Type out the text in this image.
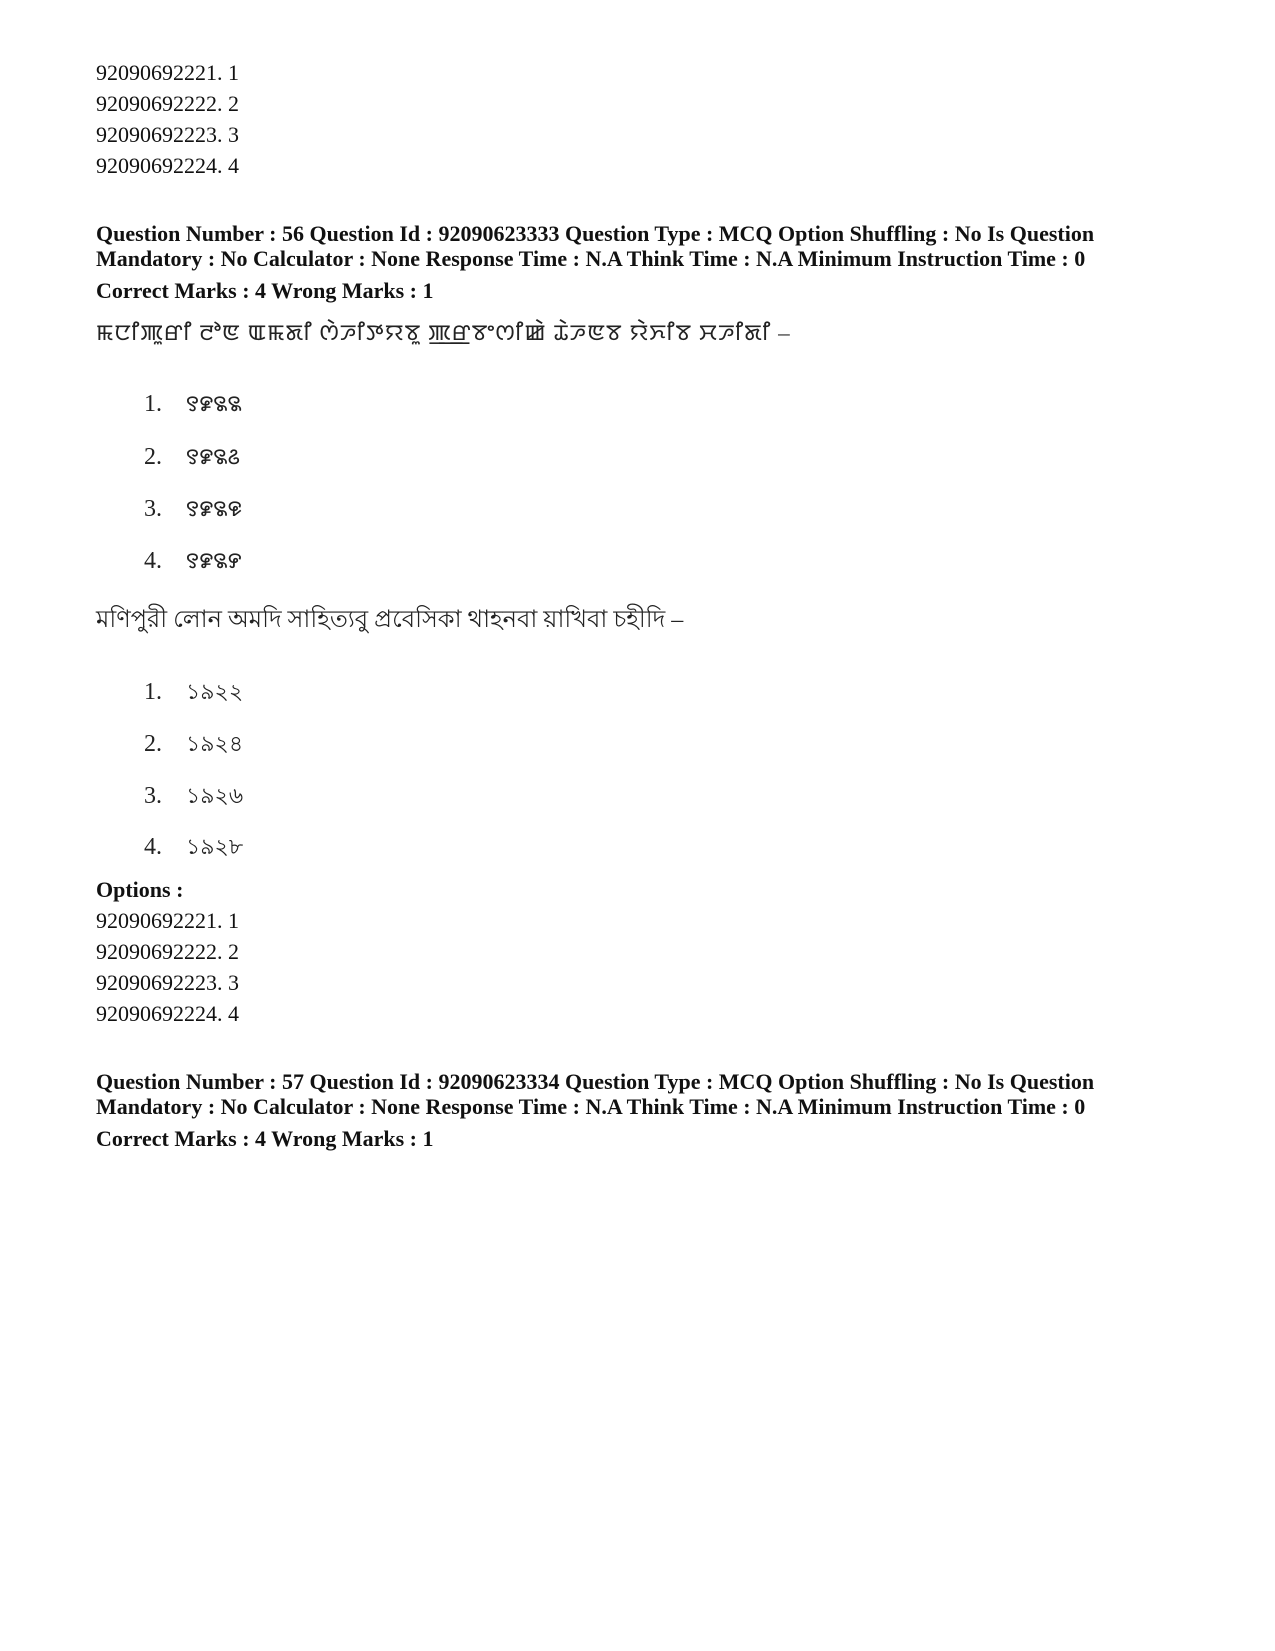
92090692221. 1
92090692222. 2
92090692223. 3
92090692224. 4
Question Number : 56 Question Id : 92090623333 Question Type : MCQ Option Shuffling : No Is Question
Mandatory : No Calculator : None Response Time : N.A Think Time : N.A Minimum Instruction Time : 0
Correct Marks : 4 Wrong Marks : 1
ꯃꯅꯤꯄꯨꯔꯤ ꯂꯣꯟ ꯑꯃꯗꯤ ꯁꯥꯍꯤꯇꯌꯕꯨ ꯄ꯭ꯔꯕꯦꯁꯤꯀꯥ ꯊꯥꯍꯟꯕ ꯌꯥꯈꯤꯕ ꯆꯍꯤꯗꯤ –
1. ꯱꯹꯲꯲
2. ꯱꯹꯲꯴
3. ꯱꯹꯲꯶
4. ꯱꯹꯲꯸
মণিপুরী লোন অমদি সাহিত্যবু প্রবেসিকা থাহনবা য়াখিবা চহীদি –
1. ১৯২২
2. ১৯২৪
3. ১৯২৬
4. ১৯২৮
Options :
92090692221. 1
92090692222. 2
92090692223. 3
92090692224. 4
Question Number : 57 Question Id : 92090623334 Question Type : MCQ Option Shuffling : No Is Question
Mandatory : No Calculator : None Response Time : N.A Think Time : N.A Minimum Instruction Time : 0
Correct Marks : 4 Wrong Marks : 1
